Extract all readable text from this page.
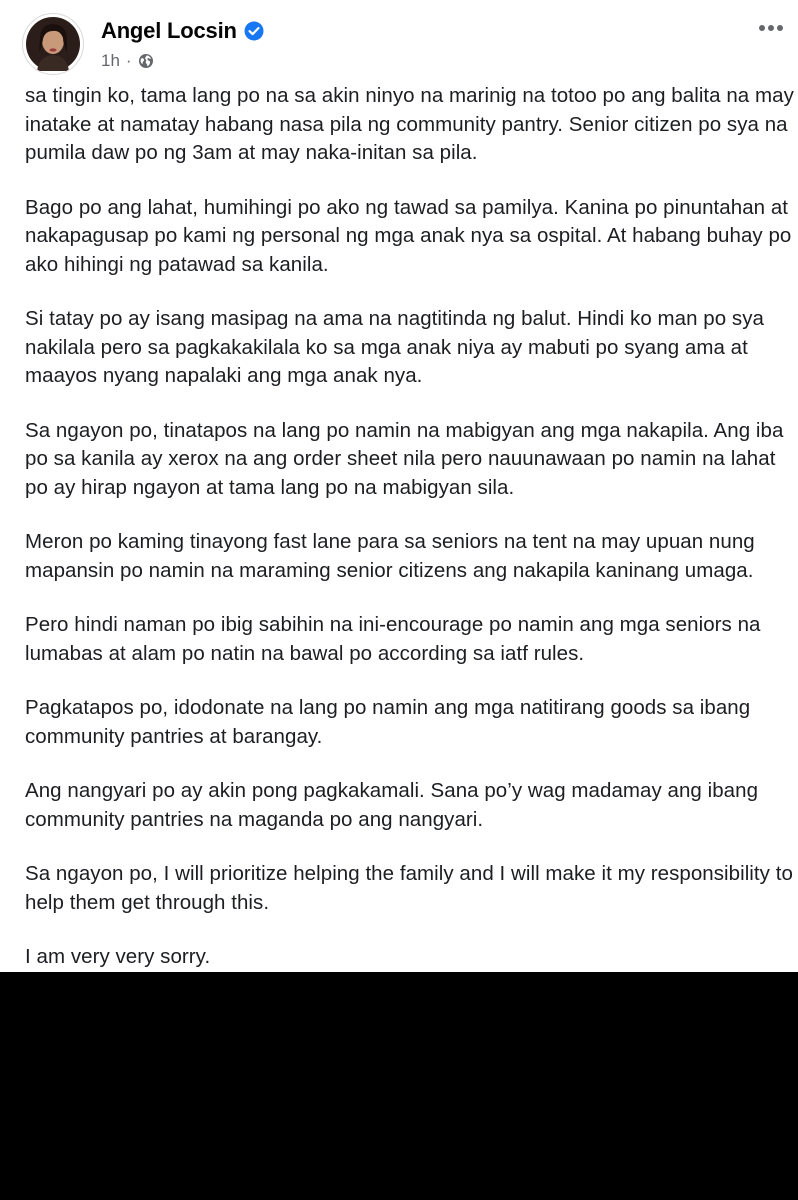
Angel Locsin
1h ·

sa tingin ko, tama lang po na sa akin ninyo na marinig na totoo po ang balita na may inatake at namatay habang nasa pila ng community pantry. Senior citizen po sya na pumila daw po ng 3am at may naka-initan sa pila.

Bago po ang lahat, humihingi po ako ng tawad sa pamilya. Kanina po pinuntahan at nakapagusap po kami ng personal ng mga anak nya sa ospital. At habang buhay po ako hihingi ng patawad sa kanila.

Si tatay po ay isang masipag na ama na nagtitinda ng balut. Hindi ko man po sya nakilala pero sa pagkakakilala ko sa mga anak niya ay mabuti po syang ama at maayos nyang napalaki ang mga anak nya.

Sa ngayon po, tinatapos na lang po namin na mabigyan ang mga nakapila. Ang iba po sa kanila ay xerox na ang order sheet nila pero nauunawaan po namin na lahat po ay hirap ngayon at tama lang po na mabigyan sila.

Meron po kaming tinayong fast lane para sa seniors na tent na may upuan nung mapansin po namin na maraming senior citizens ang nakapila kaninang umaga.

Pero hindi naman po ibig sabihin na ini-encourage po namin ang mga seniors na lumabas at alam po natin na bawal po according sa iatf rules.

Pagkatapos po, idodonate na lang po namin ang mga natitirang goods sa ibang community pantries at barangay.

Ang nangyari po ay akin pong pagkakamali. Sana po’y wag madamay ang ibang community pantries na maganda po ang nangyari.

Sa ngayon po, I will prioritize helping the family and I will make it my responsibility to help them get through this.

I am very very sorry.
